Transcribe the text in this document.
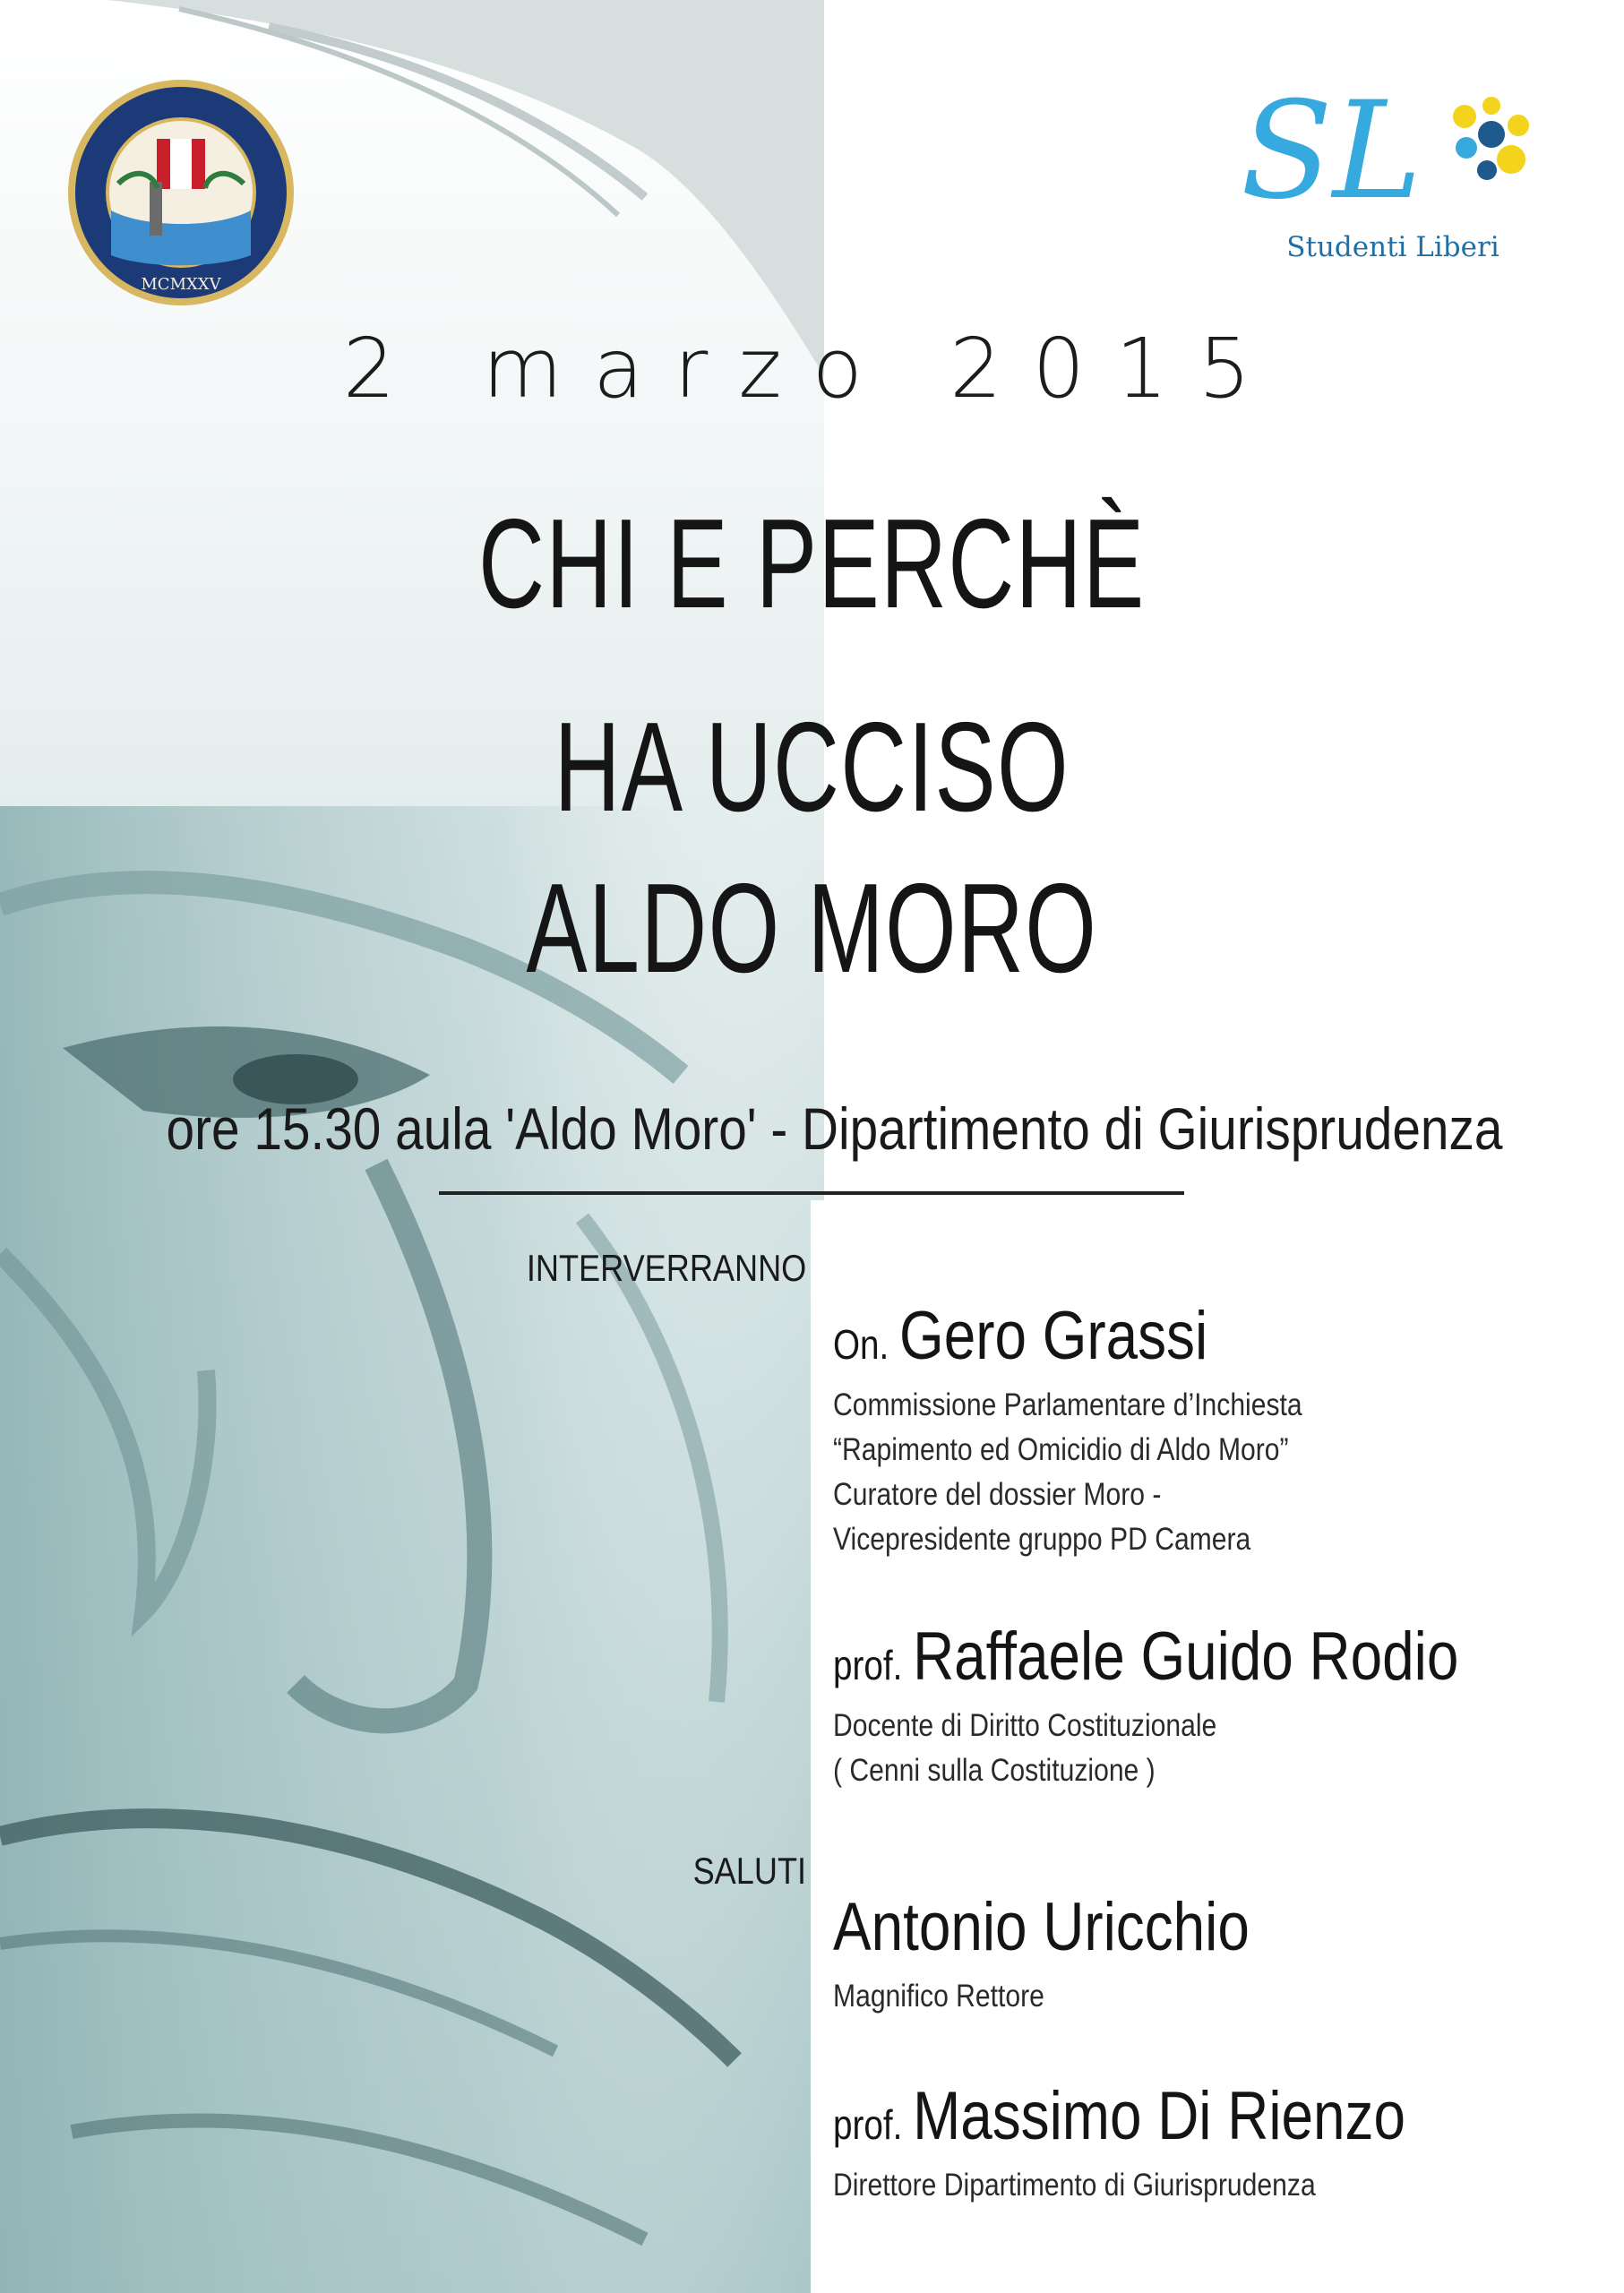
MCMXXV
SL
Studenti Liberi
2 marzo 2015
CHI E PERCHÈ
HA UCCISO
ALDO MORO
ore 15.30 aula 'Aldo Moro' - Dipartimento di Giurisprudenza
INTERVERRANNO
SALUTI
On. Gero Grassi
Commissione Parlamentare d’Inchiesta
“Rapimento ed Omicidio di Aldo Moro”
Curatore del dossier Moro -
Vicepresidente gruppo PD Camera
prof. Raffaele Guido Rodio
Docente di Diritto Costituzionale
( Cenni sulla Costituzione )
Antonio Uricchio
Magnifico Rettore
prof. Massimo Di Rienzo
Direttore Dipartimento di Giurisprudenza
